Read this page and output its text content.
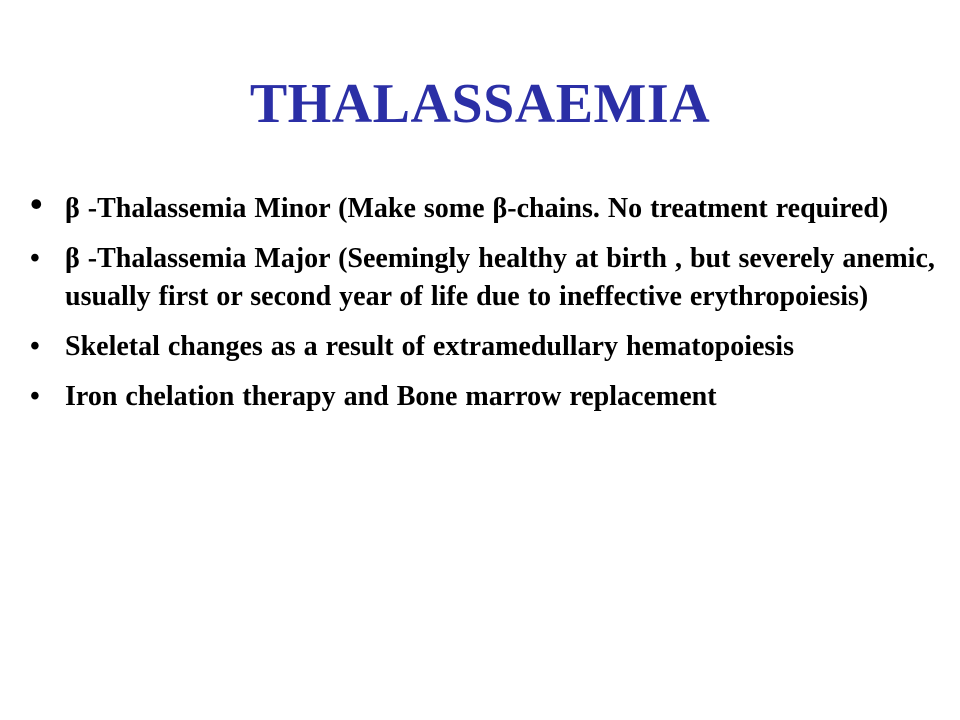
THALASSAEMIA
• β -Thalassemia Minor (Make some β-chains. No treatment required)
• β -Thalassemia Major (Seemingly healthy at birth , but severely anemic, usually first or second year of life due to ineffective erythropoiesis)
• Skeletal changes as a result of extramedullary hematopoiesis
• Iron chelation therapy and Bone marrow replacement
